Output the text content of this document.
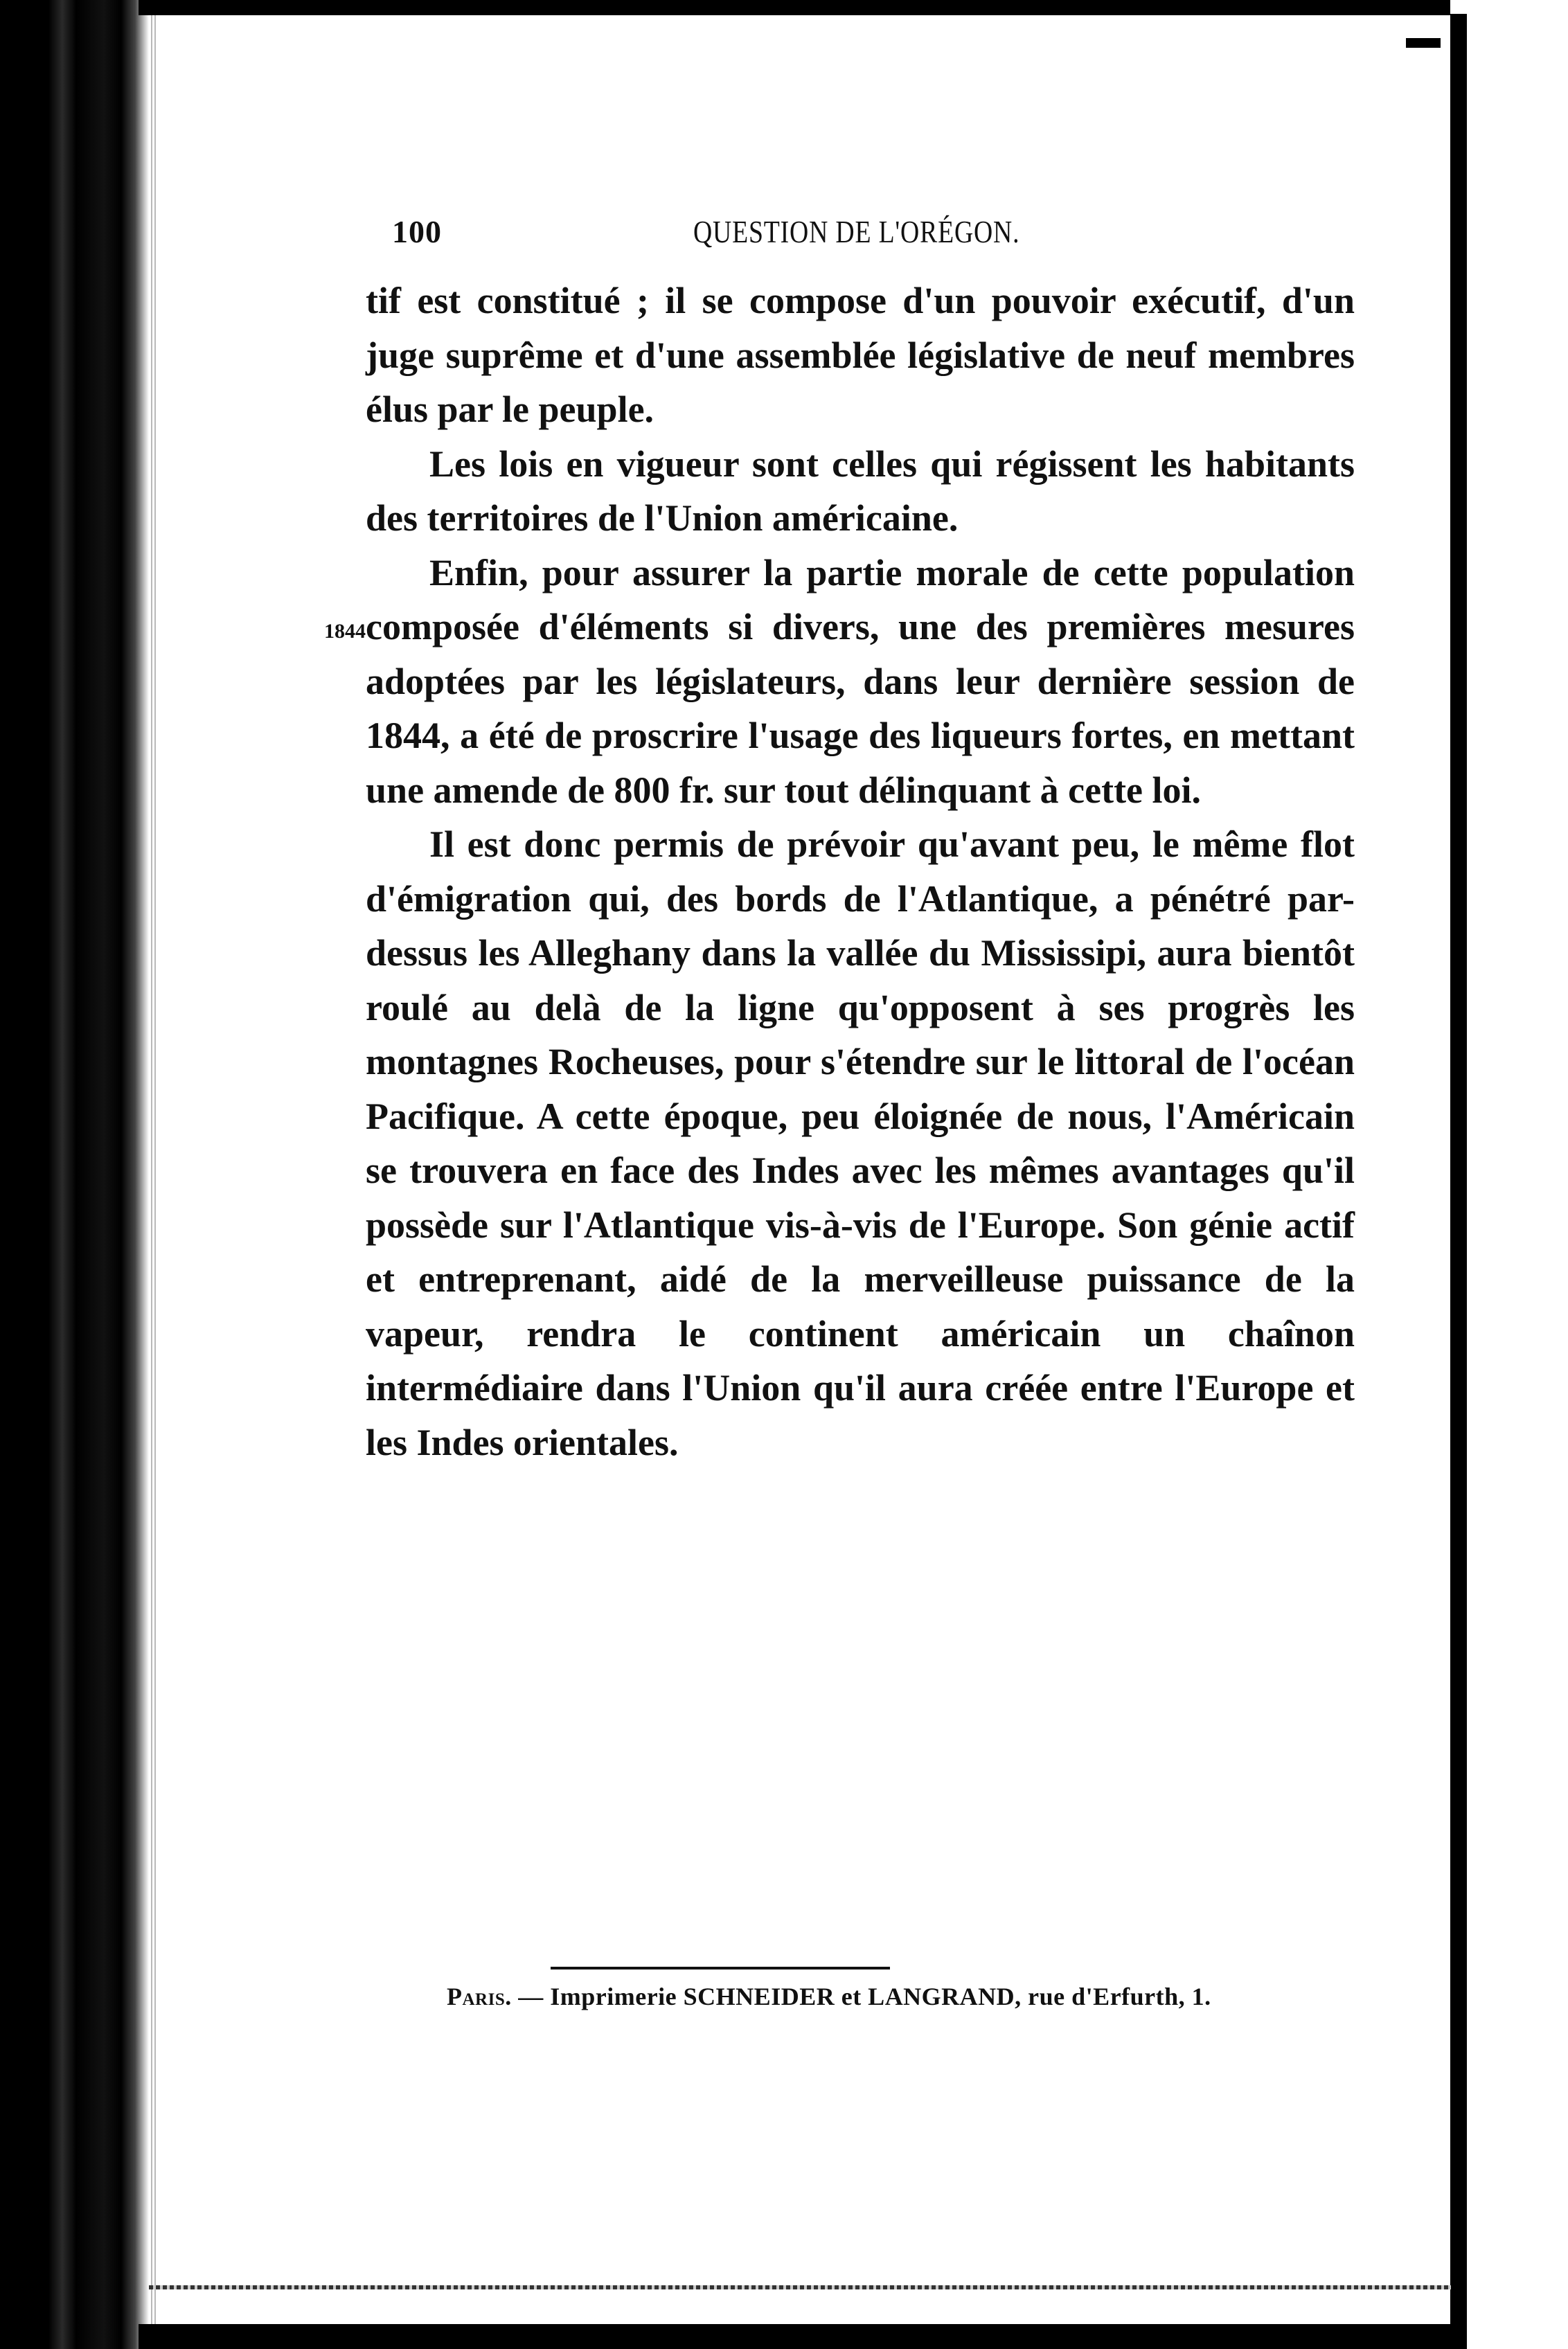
100	QUESTION DE L'ORÉGON.
1844

tif est constitué ; il se compose d'un pouvoir exécutif, d'un juge suprême et d'une assemblée législative de neuf membres élus par le peuple.

Les lois en vigueur sont celles qui régissent les habitants des territoires de l'Union américaine.

Enfin, pour assurer la partie morale de cette population composée d'éléments si divers, une des premières mesures adoptées par les législateurs, dans leur dernière session de 1844, a été de proscrire l'usage des liqueurs fortes, en mettant une amende de 800 fr. sur tout délinquant à cette loi.

Il est donc permis de prévoir qu'avant peu, le même flot d'émigration qui, des bords de l'Atlantique, a pénétré par-dessus les Alleghany dans la vallée du Mississipi, aura bientôt roulé au delà de la ligne qu'opposent à ses progrès les montagnes Rocheuses, pour s'étendre sur le littoral de l'océan Pacifique. A cette époque, peu éloignée de nous, l'Américain se trouvera en face des Indes avec les mêmes avantages qu'il possède sur l'Atlantique vis-à-vis de l'Europe. Son génie actif et entreprenant, aidé de la merveilleuse puissance de la vapeur, rendra le continent américain un chaînon intermédiaire dans l'Union qu'il aura créée entre l'Europe et les Indes orientales.

Paris. — Imprimerie SCHNEIDER et LANGRAND, rue d'Erfurth, 1.
